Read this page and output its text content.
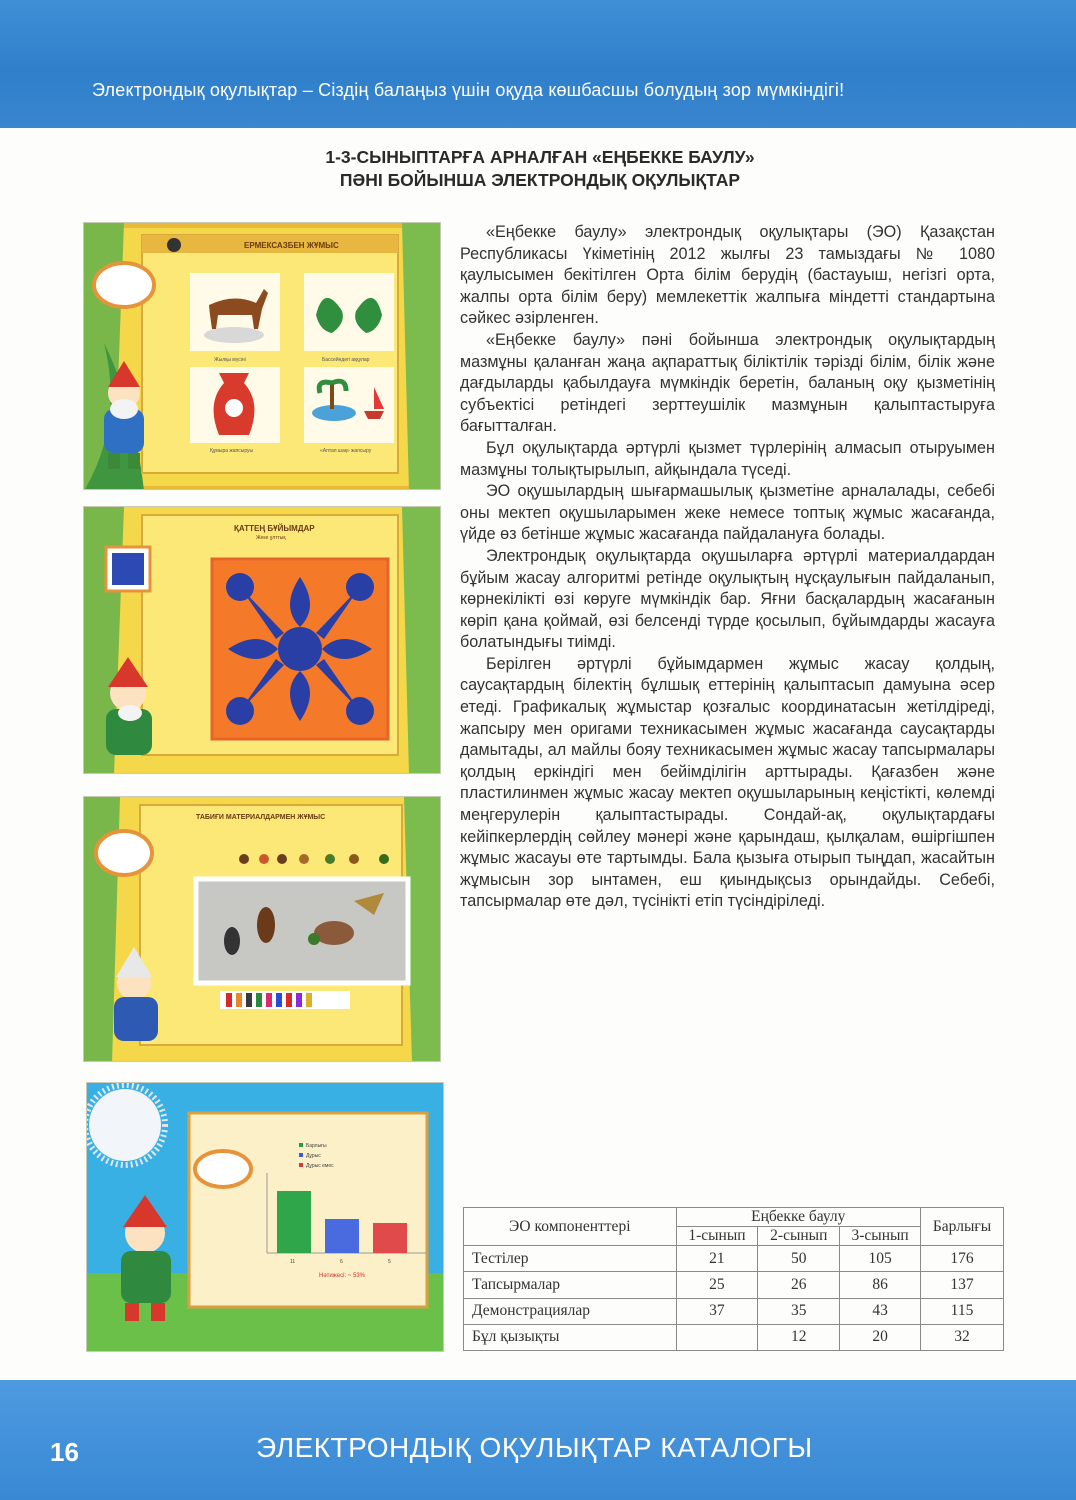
Электрондық оқулықтар – Сіздің балаңыз үшін оқуда көшбасшы болудың зор мүмкіндігі!
1-3-СЫНЫПТАРҒА АРНАЛҒАН «ЕҢБЕККЕ БАУЛУ»
ПӘНІ БОЙЫНША ЭЛЕКТРОНДЫҚ ОҚУЛЫҚТАР
ЕРМЕКСАЗБЕН ЖҰМЫС
Жылқы мүсіні	Бассейндегі аққулар
Құмыра жапсыруы	«Аптап шақ» жапсыру
ҚАТТЕҢ БҰЙЫМДАР
Жеке ұлттық
ТАБИҒИ МАТЕРИАЛДАРМЕН ЖҰМЫС
Барлығы
Дұрыс
Дұрыс емес
11	6	5
Нәтижесі: ~ 53%

«Еңбекке баулу» электрондық оқулықтары (ЭО) Қазақстан Республикасы Үкіметінің 2012 жылғы 23 тамыздағы № 1080 қаулысымен бекітілген Орта білім берудің (бастауыш, негізгі орта, жалпы орта білім беру) мемлекеттік жалпыға міндетті стандартына сәйкес әзірленген.

«Еңбекке баулу» пәні бойынша электрондық оқулықтардың мазмұны қаланған жаңа ақпараттық біліктілік тәрізді білім, білік және дағдыларды қабылдауға мүмкіндік беретін, баланың оқу қызметінің субъектісі ретіндегі зерттеушілік мазмұнын қалыптастыруға бағытталған.

Бұл оқулықтарда әртүрлі қызмет түрлерінің алмасып отыруымен мазмұны толықтырылып, айқындала түседі.

ЭО оқушылардың шығармашылық қызметіне арналалады, себебі оны мектеп оқушыларымен жеке немесе топтық жұмыс жасағанда, үйде өз бетінше жұмыс жасағанда пайдалануға болады.

Электрондық оқулықтарда оқушыларға әртүрлі материалдардан бұйым жасау алгоритмі ретінде оқулықтың нұсқаулығын пайдаланып, көрнекілікті өзі көруге мүмкіндік бар. Яғни басқалардың жасағанын көріп қана қоймай, өзі белсенді түрде қосылып, бұйымдарды жасауға болатындығы тиімді.

Берілген әртүрлі бұйымдармен жұмыс жасау қолдың, саусақтардың білектің бұлшық еттерінің қалыптасып дамуына әсер етеді. Графикалық жұмыстар қозғалыс координатасын жетілдіреді, жапсыру мен оригами техникасымен жұмыс жасағанда саусақтарды дамытады, ал майлы бояу техникасымен жұмыс жасау тапсырмалары қолдың еркіндігі мен бейімділігін арттырады. Қағазбен және пластилинмен жұмыс жасау мектеп оқушыларының кеңістікті, көлемді меңгерулерін қалыптастырады. Сондай-ақ, оқулықтардағы кейіпкерлердің сөйлеу мәнері және қарындаш, қылқалам, өшіргішпен жұмыс жасауы өте тартымды. Бала қызыға отырып тыңдап, жасайтын жұмысын зор ынтамен, еш қиындықсыз орындайды. Себебі, тапсырмалар өте дәл, түсінікті етіп түсіндіріледі.

ЭО компоненттері	Еңбекке баулу			Барлығы
	1-сынып	2-сынып	3-сынып	
Тестілер	21	50	105	176
Тапсырмалар	25	26	86	137
Демонстрациялар	37	35	43	115
Бұл қызықты		12	20	32
16	ЭЛЕКТРОНДЫҚ ОҚУЛЫҚТАР КАТАЛОГЫ
